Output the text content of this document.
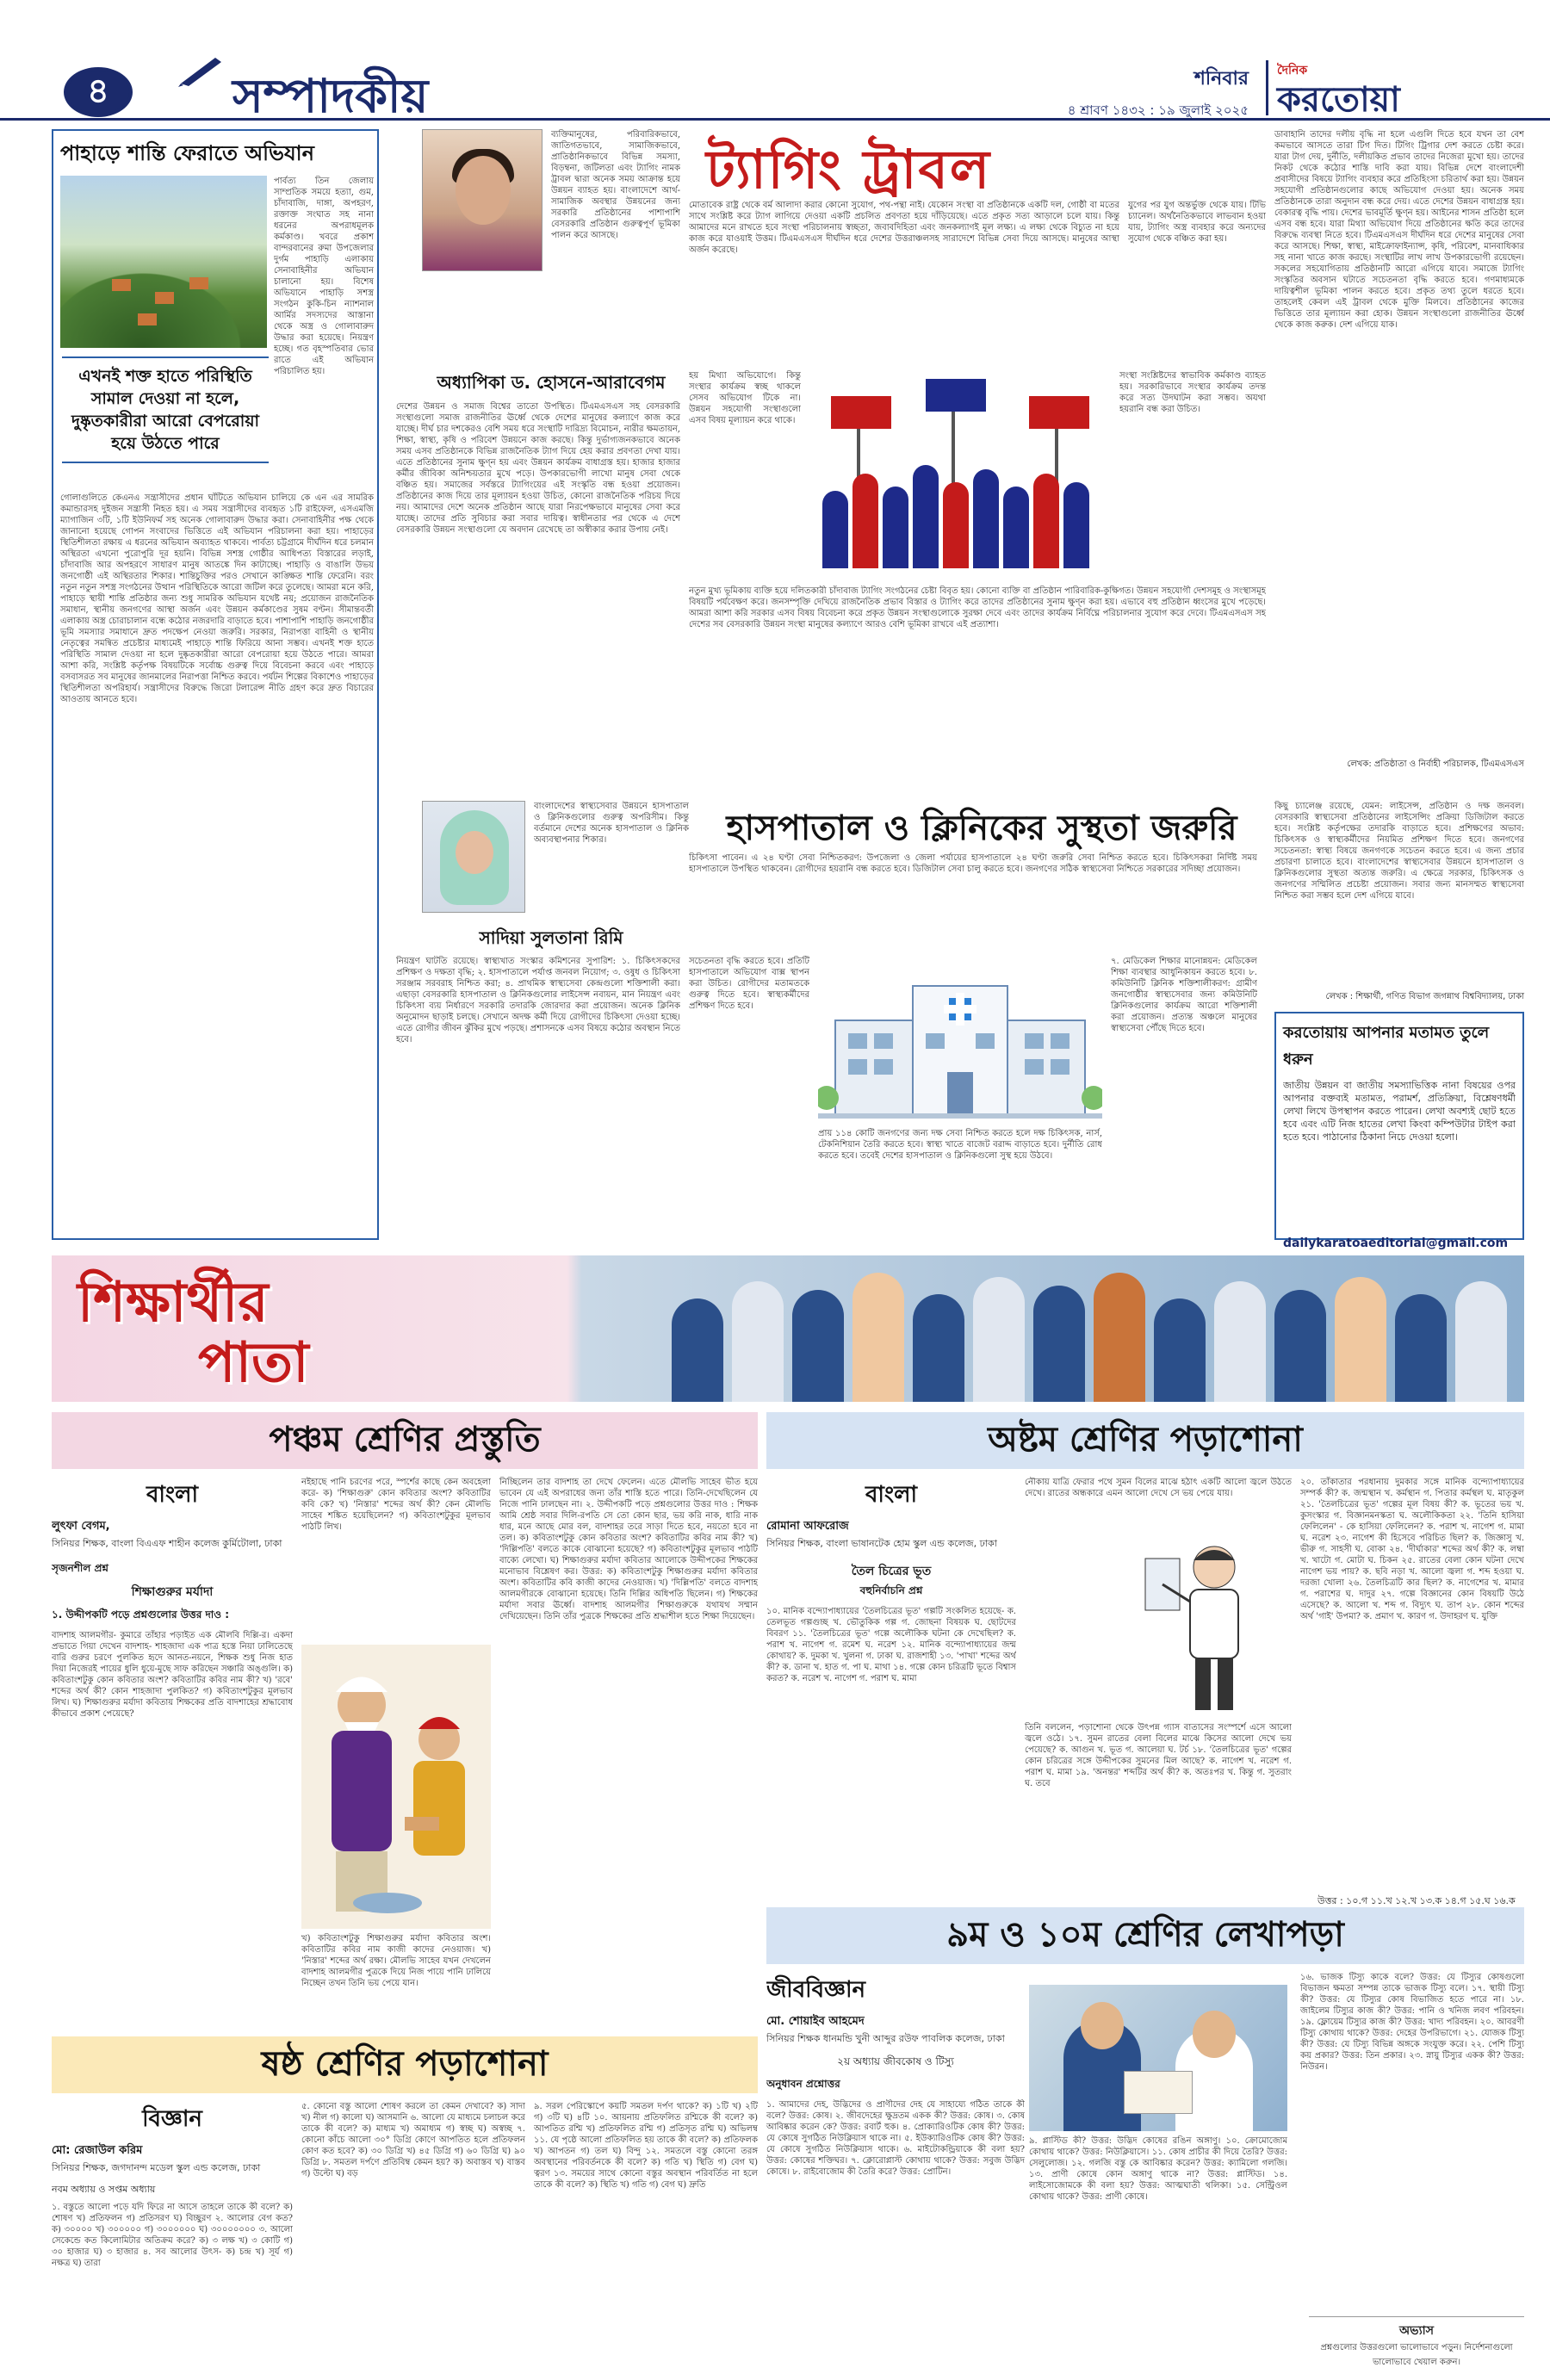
৪	সম্পাদকীয়	শনিবার
৪ শ্রাবণ ১৪৩২ : ১৯ জুলাই ২০২৫
দৈনিক
করতোয়া
পাহাড়ে শান্তি ফেরাতে অভিযান
পার্বত্য তিন জেলায় সাম্প্রতিক সময়ে হত্যা, গুম, চাঁদাবাজি, দাঙ্গা, অপহরণ, রক্তাক্ত সংঘাত সহ নানা ধরনের অপরাধমূলক কর্মকাণ্ড। খবরে প্রকাশ বান্দরবানের রুমা উপজেলার দুর্গম পাহাড়ি এলাকায় সেনাবাহিনীর অভিযান চালানো হয়। বিশেষ অভিযানে পাহাড়ি সশস্ত্র সংগঠন কুকি-চিন ন্যাশনাল আর্মির সদস্যদের আস্তানা থেকে অস্ত্র ও গোলাবারুদ উদ্ধার করা হয়েছে। নিয়ন্ত্রণ হচ্ছে। গত বৃহস্পতিবার ভোর রাতে এই অভিযান পরিচালিত হয়।
এখনই শক্ত হাতে পরিস্থিতি সামাল দেওয়া না হলে, দুষ্কৃতকারীরা আরো বেপরোয়া হয়ে উঠতে পারে
গোলাগুলিতে কেএনএ সন্ত্রাসীদের প্রধান ঘাঁটিতে অভিযান চালিয়ে কে এন এর সামরিক কমান্ডারসহ দুইজন সন্ত্রাসী নিহত হয়। এ সময় সন্ত্রাসীদের ব্যবহৃত ১টি রাইফেল, এসএমজি ম্যাগাজিন ৩টি, ১টি ইউনিফর্ম সহ অনেক গোলাবারুদ উদ্ধার করা। সেনাবাহিনীর পক্ষ থেকে জানানো হয়েছে গোপন সংবাদের ভিত্তিতে এই অভিযান পরিচালনা করা হয়। পাহাড়ের স্থিতিশীলতা রক্ষায় এ ধরনের অভিযান অব্যাহত থাকবে। পার্বত্য চট্টগ্রামে দীর্ঘদিন ধরে চলমান অস্থিরতা এখনো পুরোপুরি দূর হয়নি। বিভিন্ন সশস্ত্র গোষ্ঠীর আধিপত্য বিস্তারের লড়াই, চাঁদাবাজি আর অপহরণে সাধারণ মানুষ আতঙ্কে দিন কাটাচ্ছে। পাহাড়ি ও বাঙালি উভয় জনগোষ্ঠী এই অস্থিরতার শিকার। শান্তিচুক্তির পরও সেখানে কাঙ্ক্ষিত শান্তি ফেরেনি। বরং নতুন নতুন সশস্ত্র সংগঠনের উত্থান পরিস্থিতিকে আরো জটিল করে তুলেছে। আমরা মনে করি, পাহাড়ে স্থায়ী শান্তি প্রতিষ্ঠার জন্য শুধু সামরিক অভিযান যথেষ্ট নয়; প্রয়োজন রাজনৈতিক সমাধান, স্থানীয় জনগণের আস্থা অর্জন এবং উন্নয়ন কর্মকাণ্ডের সুষম বণ্টন। সীমান্তবর্তী এলাকায় অস্ত্র চোরাচালান বন্ধে কঠোর নজরদারি বাড়াতে হবে। পাশাপাশি পাহাড়ি জনগোষ্ঠীর ভূমি সমস্যার সমাধানে দ্রুত পদক্ষেপ নেওয়া জরুরি। সরকার, নিরাপত্তা বাহিনী ও স্থানীয় নেতৃত্বের সমন্বিত প্রচেষ্টার মাধ্যমেই পাহাড়ে শান্তি ফিরিয়ে আনা সম্ভব। এখনই শক্ত হাতে পরিস্থিতি সামাল দেওয়া না হলে দুষ্কৃতকারীরা আরো বেপরোয়া হয়ে উঠতে পারে। আমরা আশা করি, সংশ্লিষ্ট কর্তৃপক্ষ বিষয়টিকে সর্বোচ্চ গুরুত্ব দিয়ে বিবেচনা করবে এবং পাহাড়ে বসবাসরত সব মানুষের জানমালের নিরাপত্তা নিশ্চিত করবে। পর্যটন শিল্পের বিকাশেও পাহাড়ের স্থিতিশীলতা অপরিহার্য। সন্ত্রাসীদের বিরুদ্ধে জিরো টলারেন্স নীতি গ্রহণ করে দ্রুত বিচারের আওতায় আনতে হবে।
ব্যক্তিমানুষের, পরিবারিকভাবে, জাতিগতভাবে, সামাজিকভাবে, প্রাতিষ্ঠানিকভাবে বিভিন্ন সমস্যা, বিড়ম্বনা, জটিলতা এবং ট্যাগিং নামক ট্রাবল দ্বারা অনেক সময় আক্রান্ত হয়ে উন্নয়ন ব্যাহত হয়। বাংলাদেশে আর্থ-সামাজিক অবস্থার উন্নয়নের জন্য সরকারি প্রতিষ্ঠানের পাশাপাশি বেসরকারি প্রতিষ্ঠান গুরুত্বপূর্ণ ভূমিকা পালন করে আসছে।
অধ্যাপিকা ড. হোসনে-আরাবেগম
দেশের উন্নয়ন ও সমাজ বিশ্বের তাতো উপস্থিত। টিএমএসএস সহ বেসরকারি সংস্থাগুলো সমাজ রাজনীতির ঊর্ধ্বে থেকে দেশের মানুষের কল্যাণে কাজ করে যাচ্ছে। দীর্ঘ চার দশকেরও বেশি সময় ধরে সংস্থাটি দারিদ্র্য বিমোচন, নারীর ক্ষমতায়ন, শিক্ষা, স্বাস্থ্য, কৃষি ও পরিবেশ উন্নয়নে কাজ করছে। কিন্তু দুর্ভাগ্যজনকভাবে অনেক সময় এসব প্রতিষ্ঠানকে বিভিন্ন রাজনৈতিক ট্যাগ দিয়ে হেয় করার প্রবণতা দেখা যায়। এতে প্রতিষ্ঠানের সুনাম ক্ষুণ্ন হয় এবং উন্নয়ন কার্যক্রম বাধাগ্রস্ত হয়। হাজার হাজার কর্মীর জীবিকা অনিশ্চয়তার মুখে পড়ে। উপকারভোগী লাখো মানুষ সেবা থেকে বঞ্চিত হয়। সমাজের সর্বস্তরে ট্যাগিংয়ের এই সংস্কৃতি বন্ধ হওয়া প্রয়োজন। প্রতিষ্ঠানের কাজ দিয়ে তার মূল্যায়ন হওয়া উচিত, কোনো রাজনৈতিক পরিচয় দিয়ে নয়। আমাদের দেশে অনেক প্রতিষ্ঠান আছে যারা নিরপেক্ষভাবে মানুষের সেবা করে যাচ্ছে। তাদের প্রতি সুবিচার করা সবার দায়িত্ব। স্বাধীনতার পর থেকে এ দেশে বেসরকারি উন্নয়ন সংস্থাগুলো যে অবদান রেখেছে তা অস্বীকার করার উপায় নেই।
ট্যাগিং ট্রাবল
মোতাবেক রাষ্ট্র থেকে বর্ম আলাদা করার কোনো সুযোগ, পথ-পন্থা নাই। যেকোন সংস্থা বা প্রতিষ্ঠানকে একটি দল, গোষ্ঠী বা মতের সাথে সংশ্লিষ্ট করে ট্যাগ লাগিয়ে দেওয়া একটি প্রচলিত প্রবণতা হয়ে দাঁড়িয়েছে। এতে প্রকৃত সত্য আড়ালে চলে যায়। কিন্তু আমাদের মনে রাখতে হবে সংস্থা পরিচালনায় স্বচ্ছতা, জবাবদিহিতা এবং জনকল্যাণই মূল লক্ষ্য। এ লক্ষ্য থেকে বিচ্যুত না হয়ে কাজ করে যাওয়াই উত্তম। টিএমএসএস দীর্ঘদিন ধরে দেশের উত্তরাঞ্চলসহ সারাদেশে বিভিন্ন সেবা দিয়ে আসছে। মানুষের আস্থা অর্জন করেছে।
যুগের পর যুগ অন্তর্ভুক্ত থেকে যায়। টিভি চ্যানেল। অর্থনৈতিকভাবে লাভবান হওয়া যায়, ট্যাগিং অস্ত্র ব্যবহার করে অন্যদের সুযোগ থেকে বঞ্চিত করা হয়।
হয় মিথ্যা অভিযোগে। কিন্তু সংস্থার কার্যক্রম স্বচ্ছ থাকলে সেসব অভিযোগ টিকে না। উন্নয়ন সহযোগী সংস্থাগুলো এসব বিষয় মূল্যায়ন করে থাকে।
সংস্থা সংশ্লিষ্টদের স্বাভাবিক কর্মকাণ্ড ব্যাহত হয়। সরকারিভাবে সংস্থার কার্যক্রম তদন্ত করে সত্য উদঘাটন করা সম্ভব। অযথা হয়রানি বন্ধ করা উচিত।
নতুন মুখ্য ভূমিকায় ব্যক্তি হয়ে দলিতকারী চাঁদাবাজ ট্যাগিং সংগঠনের চেষ্টা বিবৃত হয়। কোনো ব্যক্তি বা প্রতিষ্ঠান পারিবারিক-কুক্ষিগত। উন্নয়ন সহযোগী দেশসমূহ ও সংস্থাসমূহ বিষয়টি পর্যবেক্ষণ করে। জনসম্পৃক্তি দেখিয়ে রাজনৈতিক প্রভাব বিস্তার ও ট্যাগিং করে তাদের প্রতিষ্ঠানের সুনাম ক্ষুণ্ন করা হয়। এভাবে বহু প্রতিষ্ঠান ধ্বংসের মুখে পড়েছে। আমরা আশা করি সরকার এসব বিষয় বিবেচনা করে প্রকৃত উন্নয়ন সংস্থাগুলোকে সুরক্ষা দেবে এবং তাদের কার্যক্রম নির্বিঘ্নে পরিচালনার সুযোগ করে দেবে। টিএমএসএস সহ দেশের সব বেসরকারি উন্নয়ন সংস্থা মানুষের কল্যাণে আরও বেশি ভূমিকা রাখবে এই প্রত্যাশা।
ডাবাহানি তাদের দলীয় বৃদ্ধি না হলে এগুলি দিতে হবে যখন তা বেশ কমভাবে আসতে তারা টিগ দিত। টিগিং ট্রিগার দেশ করতে চেষ্টা করে। যারা টাগ দেয়, দুর্নীতি, দলীয়কিত প্রভাব তাদের নিজেরা মুখো হয়। তাদের নিকট থেকে কঠোর শাস্তি দাবি করা যায়। বিভিন্ন দেশে বাংলাদেশী প্রবাসীদের বিষয়ে ট্যাগিং ব্যবহার করে প্রতিহিংসা চরিতার্থ করা হয়। উন্নয়ন সহযোগী প্রতিষ্ঠানগুলোর কাছে অভিযোগ দেওয়া হয়। অনেক সময় প্রতিষ্ঠানকে তারা অনুদান বন্ধ করে দেয়। এতে দেশের উন্নয়ন বাধাগ্রস্ত হয়। বেকারত্ব বৃদ্ধি পায়। দেশের ভাবমূর্তি ক্ষুণ্ন হয়। আইনের শাসন প্রতিষ্ঠা হলে এসব বন্ধ হবে। যারা মিথ্যা অভিযোগ দিয়ে প্রতিষ্ঠানের ক্ষতি করে তাদের বিরুদ্ধে ব্যবস্থা নিতে হবে। টিএমএসএস দীর্ঘদিন ধরে দেশের মানুষের সেবা করে আসছে। শিক্ষা, স্বাস্থ্য, মাইক্রোফাইন্যান্স, কৃষি, পরিবেশ, মানবাধিকার সহ নানা খাতে কাজ করছে। সংস্থাটির লাখ লাখ উপকারভোগী রয়েছেন। সকলের সহযোগিতায় প্রতিষ্ঠানটি আরো এগিয়ে যাবে। সমাজে ট্যাগিং সংস্কৃতির অবসান ঘটাতে সচেতনতা বৃদ্ধি করতে হবে। গণমাধ্যমকে দায়িত্বশীল ভূমিকা পালন করতে হবে। প্রকৃত তথ্য তুলে ধরতে হবে। তাহলেই কেবল এই ট্রাবল থেকে মুক্তি মিলবে। প্রতিষ্ঠানের কাজের ভিত্তিতে তার মূল্যায়ন করা হোক। উন্নয়ন সংস্থাগুলো রাজনীতির ঊর্ধ্বে থেকে কাজ করুক। দেশ এগিয়ে যাক।
লেখক: প্রতিষ্ঠাতা ও নির্বাহী পরিচালক, টিএমএসএস
বাংলাদেশের স্বাস্থ্যসেবার উন্নয়নে হাসপাতাল ও ক্লিনিকগুলোর গুরুত্ব অপরিসীম। কিন্তু বর্তমানে দেশের অনেক হাসপাতাল ও ক্লিনিক অব্যবস্থাপনার শিকার।
সাদিয়া সুলতানা রিমি
নিয়ন্ত্রণ ঘাটতি রয়েছে। স্বাস্থ্যখাত সংস্কার কমিশনের সুপারিশ: ১. চিকিৎসকদের প্রশিক্ষণ ও দক্ষতা বৃদ্ধি; ২. হাসপাতালে পর্যাপ্ত জনবল নিয়োগ; ৩. ওষুধ ও চিকিৎসা সরঞ্জাম সরবরাহ নিশ্চিত করা; ৪. প্রাথমিক স্বাস্থ্যসেবা কেন্দ্রগুলো শক্তিশালী করা। এছাড়া বেসরকারি হাসপাতাল ও ক্লিনিকগুলোর লাইসেন্স নবায়ন, মান নিয়ন্ত্রণ এবং চিকিৎসা ব্যয় নির্ধারণে সরকারি তদারকি জোরদার করা প্রয়োজন। অনেক ক্লিনিক অনুমোদন ছাড়াই চলছে। সেখানে অদক্ষ কর্মী দিয়ে রোগীদের চিকিৎসা দেওয়া হচ্ছে। এতে রোগীর জীবন ঝুঁকির মুখে পড়ছে। প্রশাসনকে এসব বিষয়ে কঠোর অবস্থান নিতে হবে।
হাসপাতাল ও ক্লিনিকের সুস্থতা জরুরি
চিকিৎসা পাবেন। এ ২৪ ঘণ্টা সেবা নিশ্চিতকরণ: উপজেলা ও জেলা পর্যায়ের হাসপাতালে ২৪ ঘণ্টা জরুরি সেবা নিশ্চিত করতে হবে। চিকিৎসকরা নির্দিষ্ট সময় হাসপাতালে উপস্থিত থাকবেন। রোগীদের হয়রানি বন্ধ করতে হবে। ডিজিটাল সেবা চালু করতে হবে। জনগণের সঠিক স্বাস্থ্যসেবা নিশ্চিতে সরকারের সদিচ্ছা প্রয়োজন।
সচেতনতা বৃদ্ধি করতে হবে। প্রতিটি হাসপাতালে অভিযোগ বাক্স স্থাপন করা উচিত। রোগীদের মতামতকে গুরুত্ব দিতে হবে। স্বাস্থ্যকর্মীদের প্রশিক্ষণ দিতে হবে।
৭. মেডিকেল শিক্ষার মানোন্নয়ন: মেডিকেল শিক্ষা ব্যবস্থার আধুনিকায়ন করতে হবে। ৮. কমিউনিটি ক্লিনিক শক্তিশালীকরণ: গ্রামীণ জনগোষ্ঠীর স্বাস্থ্যসেবার জন্য কমিউনিটি ক্লিনিকগুলোর কার্যক্রম আরো শক্তিশালী করা প্রয়োজন। প্রত্যন্ত অঞ্চলে মানুষের স্বাস্থ্যসেবা পৌঁছে দিতে হবে।
প্রায় ১১৪ কোটি জনগণের জন্য দক্ষ সেবা নিশ্চিত করতে হলে দক্ষ চিকিৎসক, নার্স, টেকনিশিয়ান তৈরি করতে হবে। স্বাস্থ্য খাতে বাজেট বরাদ্দ বাড়াতে হবে। দুর্নীতি রোধ করতে হবে। তবেই দেশের হাসপাতাল ও ক্লিনিকগুলো সুস্থ হয়ে উঠবে।
কিছু চ্যালেঞ্জ রয়েছে, যেমন: লাইসেন্স, প্রতিষ্ঠান ও দক্ষ জনবল। বেসরকারি স্বাস্থ্যসেবা প্রতিষ্ঠানের লাইসেন্সিং প্রক্রিয়া ডিজিটাল করতে হবে। সংশ্লিষ্ট কর্তৃপক্ষের তদারকি বাড়াতে হবে। প্রশিক্ষণের অভাব: চিকিৎসক ও স্বাস্থ্যকর্মীদের নিয়মিত প্রশিক্ষণ দিতে হবে। জনগণের সচেতনতা: স্বাস্থ্য বিষয়ে জনগণকে সচেতন করতে হবে। এ জন্য প্রচার প্রচারণা চালাতে হবে। বাংলাদেশের স্বাস্থ্যসেবার উন্নয়নে হাসপাতাল ও ক্লিনিকগুলোর সুস্থতা অত্যন্ত জরুরি। এ ক্ষেত্রে সরকার, চিকিৎসক ও জনগণের সম্মিলিত প্রচেষ্টা প্রয়োজন। সবার জন্য মানসম্মত স্বাস্থ্যসেবা নিশ্চিত করা সম্ভব হলে দেশ এগিয়ে যাবে।
লেখক : শিক্ষার্থী, গণিত বিভাগ জগন্নাথ বিশ্ববিদ্যালয়, ঢাকা
করতোয়ায় আপনার মতামত তুলে ধরুন
জাতীয় উন্নয়ন বা জাতীয় সমস্যাভিত্তিক নানা বিষয়ের ওপর আপনার বক্তব্যই মতামত, পরামর্শ, প্রতিক্রিয়া, বিশ্লেষণধর্মী লেখা লিখে উপস্থাপন করতে পারেন। লেখা অবশ্যই ছোট হতে হবে এবং এটি নিজ হাতের লেখা কিংবা কম্পিউটার টাইপ করা হতে হবে। পাঠানোর ঠিকানা নিচে দেওয়া হলো।
dailykaratoaeditorial@gmail.com
শিক্ষার্থীর
পাতা
পঞ্চম শ্রেণির প্রস্তুতি
বাংলা
লুৎফা বেগম,
সিনিয়র শিক্ষক, বাংলা বিএএফ শাহীন কলেজ কুর্মিটোলা, ঢাকা
সৃজনশীল প্রশ্ন
শিক্ষাগুরুর মর্যাদা
১. উদ্দীপকটি পড়ে প্রশ্নগুলোর উত্তর দাও :
বাদশাহ আলমগীর- কুমারে তাঁহার পড়াইত এক মৌলবি দিল্লি-র। একদা প্রভাতে গিয়া দেখেন বাদশাহ- শাহজাদা এক পাত্র হস্তে নিয়া ঢালিতেছে বারি গুরুর চরণে পুলকিত হৃদে আনত-নয়নে, শিক্ষক শুধু নিজ হাত দিয়া নিজেরই পায়ের ধুলি ধুয়ে-মুছে সাফ করিছেন সঞ্চারি অঙ্গুলি। ক) কবিতাংশটুকু কোন কবিতার অংশ? কবিতাটির কবির নাম কী? খ) 'রবে' শব্দের অর্থ কী? কোন শাহজাদা পুলকিত? গ) কবিতাংশটুকুর মূলভাব লিখ। ঘ) শিক্ষাগুরুর মর্যাদা কবিতায় শিক্ষকের প্রতি বাদশাহের শ্রদ্ধাবোধ কীভাবে প্রকাশ পেয়েছে?
নইহাছে পানি চরণের পরে, স্পর্শের কাছে কেন অবহেলা করে- ক) 'শিক্ষাগুরু' কোন কবিতার অংশ? কবিতাটির কবি কে? খ) 'নিস্তার' শব্দের অর্থ কী? কেন মৌলভি সাহেব শঙ্কিত হয়েছিলেন? গ) কবিতাংশটুকুর মূলভাব পাঠটি লিখ।
খ) কবিতাংশটুকু শিক্ষাগুরুর মর্যাদা কবিতার অংশ। কবিতাটির কবির নাম কাজী কাদের নেওয়াজ। খ) 'নিস্তার' শব্দের অর্থ রক্ষা। মৌলভি সাহেব যখন দেখলেন বাদশাহ আলমগীর পুত্রকে দিয়ে নিজ পায়ে পানি ঢালিয়ে নিচ্ছেন তখন তিনি ভয় পেয়ে যান।
নিচ্ছিলেন তার বাদশাহ তা দেখে ফেলেন। এতে মৌলভি সাহেব ভীত হয়ে ভাবেন যে এই অপরাধের জন্য তাঁর শাস্তি হতে পারে। তিনি-দেখেছিলেন যে নিজে পানি ঢালছেন না। ২. উদ্দীপকটি পড়ে প্রশ্নগুলোর উত্তর দাও : শিক্ষক আমি শ্রেষ্ঠ সবার দিলি-রপতি সে তো কোন ছার, ভয় করি নাক, ধারি নাক ধার, মনে আছে মোর বল, বাদশাহর তরে সাড়া দিতে হবে, নয়তো হবে না তল। ক) কবিতাংশটুকু কোন কবিতার অংশ? কবিতাটির কবির নাম কী? খ) 'দিল্লিপতি' বলতে কাকে বোঝানো হয়েছে? গ) কবিতাংশটুকুর মূলভাব পাঠটি বাক্যে লেখো। ঘ) শিক্ষাগুরুর মর্যাদা কবিতার আলোকে উদ্দীপকের শিক্ষকের মনোভাব বিশ্লেষণ কর। উত্তর: ক) কবিতাংশটুকু শিক্ষাগুরুর মর্যাদা কবিতার অংশ। কবিতাটির কবি কাজী কাদের নেওয়াজ। খ) 'দিল্লিপতি' বলতে বাদশাহ আলমগীরকে বোঝানো হয়েছে। তিনি দিল্লির অধিপতি ছিলেন। গ) শিক্ষকের মর্যাদা সবার ঊর্ধ্বে। বাদশাহ আলমগীর শিক্ষাগুরুকে যথাযথ সম্মান দেখিয়েছেন। তিনি তাঁর পুত্রকে শিক্ষকের প্রতি শ্রদ্ধাশীল হতে শিক্ষা দিয়েছেন।
অষ্টম শ্রেণির পড়াশোনা
বাংলা
রোমানা আফরোজ
সিনিয়র শিক্ষক, বাংলা ভাষানটেক হোম স্কুল এন্ড কলেজ, ঢাকা
তৈল চিত্রের ভূত
বহুনির্বাচনি প্রশ্ন
১০. মানিক বন্দ্যোপাধ্যায়ের 'তৈলচিত্রের ভূত' গল্পটি সংকলিত হয়েছে- ক. তেলভূত গল্পগুচ্ছ খ. ভৌতুকিক গল্প গ. জোছনা বিষয়ক ঘ. ছোটদের বিবরণ ১১. 'তৈলচিত্রের ভূত' গল্পে অলৌকিক ঘটনা কে দেখেছিল? ক. পরাশ খ. নাগেশ গ. রমেশ ঘ. নরেশ ১২. মানিক বন্দ্যোপাধ্যায়ের জন্ম কোথায়? ক. দুমকা খ. খুলনা গ. ঢাকা ঘ. রাজশাহী ১৩. 'পাখা' শব্দের অর্থ কী? ক. ডানা খ. হাত গ. পা ঘ. মাথা ১৪. গল্পে কোন চরিত্রটি ভূতে বিশ্বাস করত? ক. নরেশ খ. নাগেশ গ. পরাশ ঘ. মামা
নৌকায় যাত্রি ফেরার পথে সুমন বিলের মাঝে হঠাৎ একটি আলো জ্বলে উঠতে দেখে। রাতের অন্ধকারে এমন আলো দেখে সে ভয় পেয়ে যায়।
তিনি বললেন, পড়াশোনা থেকে উৎপন্ন গ্যাস বাতাসের সংস্পর্শে এসে আলো জ্বলে ওঠে। ১৭. সুমন রাতের বেলা বিলের মাঝে কিসের আলো দেখে ভয় পেয়েছে? ক. আগুন খ. ভূত গ. আলেয়া ঘ. টর্চ ১৮. 'তৈলচিত্রের ভূত' গল্পের কোন চরিত্রের সঙ্গে উদ্দীপকের সুমনের মিল আছে? ক. নাগেশ খ. নরেশ গ. পরাশ ঘ. মামা ১৯. 'অনন্তর' শব্দটির অর্থ কী? ক. অতঃপর খ. কিন্তু গ. সুতরাং ঘ. তবে
২০. তাঁকাতার পরধানায় দুমকার সঙ্গে মানিক বন্দ্যোপাধ্যায়ের সম্পর্ক কী? ক. জন্মস্থান খ. কর্মস্থান গ. পিতার কর্মস্থল ঘ. মাতৃকুল ২১. 'তৈলচিত্রের ভূত' গল্পের মূল বিষয় কী? ক. ভূতের ভয় খ. কুসংস্কার গ. বিজ্ঞানমনস্কতা ঘ. অলৌকিকতা ২২. 'তিনি হাসিয়া ফেলিলেন' - কে হাসিয়া ফেলিলেন? ক. পরাশ খ. নাগেশ গ. মামা ঘ. নরেশ ২৩. নাগেশ কী হিসেবে পরিচিত ছিল? ক. জিজ্ঞাসু খ. ভীরু গ. সাহসী ঘ. বোকা ২৪. 'দীর্ঘাকার' শব্দের অর্থ কী? ক. লম্বা খ. খাটো গ. মোটা ঘ. চিকন ২৫. রাতের বেলা কোন ঘটনা দেখে নাগেশ ভয় পায়? ক. ছবি নড়া খ. আলো জ্বলা গ. শব্দ হওয়া ঘ. দরজা খোলা ২৬. তৈলচিত্রটি কার ছিল? ক. নাগেশের খ. মামার গ. পরাশের ঘ. দাদুর ২৭. গল্পে বিজ্ঞানের কোন বিষয়টি উঠে এসেছে? ক. আলো খ. শব্দ গ. বিদ্যুৎ ঘ. তাপ ২৮. কোন শব্দের অর্থ 'গাই' উপমা? ক. প্রমাণ খ. কারণ গ. উদাহরণ ঘ. যুক্তি
উত্তর : ১০.গ ১১.খ ১২.খ ১৩.ক ১৪.গ ১৫.ঘ ১৬.ক
৯ম ও ১০ম শ্রেণির লেখাপড়া
জীববিজ্ঞান
মো. শোয়াইব আহমেদ
সিনিয়র শিক্ষক ধানমন্ডি খুনী আব্দুর রউফ পাবলিক কলেজ, ঢাকা
২য় অধ্যায় জীবকোষ ও টিস্যু
অনুধাবন প্রশ্নোত্তর
১. আমাদের দেহ, উদ্ভিদের ও প্রাণীদের দেহ যে সাহায্যে গঠিত তাকে কী বলে? উত্তর: কোষ। ২. জীবদেহের ক্ষুদ্রতম একক কী? উত্তর: কোষ। ৩. কোষ আবিষ্কার করেন কে? উত্তর: রবার্ট হুক। ৪. প্রোক্যারিওটিক কোষ কী? উত্তর: যে কোষে সুগঠিত নিউক্লিয়াস থাকে না। ৫. ইউক্যারিওটিক কোষ কী? উত্তর: যে কোষে সুগঠিত নিউক্লিয়াস থাকে। ৬. মাইটোকন্ড্রিয়াকে কী বলা হয়? উত্তর: কোষের শক্তিঘর। ৭. ক্লোরোপ্লাস্ট কোথায় থাকে? উত্তর: সবুজ উদ্ভিদ কোষে। ৮. রাইবোজোম কী তৈরি করে? উত্তর: প্রোটিন।
৯. প্লাস্টিড কী? উত্তর: উদ্ভিদ কোষের রঙিন অঙ্গাণু। ১০. ক্রোমোজোম কোথায় থাকে? উত্তর: নিউক্লিয়াসে। ১১. কোষ প্রাচীর কী দিয়ে তৈরি? উত্তর: সেলুলোজ। ১২. গলজি বস্তু কে আবিষ্কার করেন? উত্তর: ক্যামিলো গলজি। ১৩. প্রাণী কোষে কোন অঙ্গাণু থাকে না? উত্তর: প্লাস্টিড। ১৪. লাইসোজোমকে কী বলা হয়? উত্তর: আত্মঘাতী থলিকা। ১৫. সেন্ট্রিওল কোথায় থাকে? উত্তর: প্রাণী কোষে।
১৬. ভাজক টিস্যু কাকে বলে? উত্তর: যে টিস্যুর কোষগুলো বিভাজন ক্ষমতা সম্পন্ন তাকে ভাজক টিস্যু বলে। ১৭. স্থায়ী টিস্যু কী? উত্তর: যে টিস্যুর কোষ বিভাজিত হতে পারে না। ১৮. জাইলেম টিস্যুর কাজ কী? উত্তর: পানি ও খনিজ লবণ পরিবহন। ১৯. ফ্লোয়েম টিস্যুর কাজ কী? উত্তর: খাদ্য পরিবহন। ২০. আবরণী টিস্যু কোথায় থাকে? উত্তর: দেহের উপরিভাগে। ২১. যোজক টিস্যু কী? উত্তর: যে টিস্যু বিভিন্ন অঙ্গকে সংযুক্ত করে। ২২. পেশি টিস্যু কয় প্রকার? উত্তর: তিন প্রকার। ২৩. স্নায়ু টিস্যুর একক কী? উত্তর: নিউরন।
অভ্যাস
প্রশ্নগুলোর উত্তরগুলো ভালোভাবে পড়ুন। নির্দেশনাগুলো ভালোভাবে খেয়াল করুন।
ষষ্ঠ শ্রেণির পড়াশোনা
বিজ্ঞান
মো: রেজাউল করিম
সিনিয়র শিক্ষক, জগদানন্দ মডেল স্কুল এন্ড কলেজ, ঢাকা
নবম অধ্যায় ও সপ্তম অধ্যায়
১. বস্তুতে আলো পড়ে যদি ফিরে না আসে তাহলে তাকে কী বলে? ক) শোষণ খ) প্রতিফলন গ) প্রতিসরণ ঘ) বিচ্ছুরণ ২. আলোর বেগ কত? ক) ৩০০০০ খ) ৩০০০০০ গ) ৩০০০০০০ ঘ) ৩০০০০০০০ ৩. আলো সেকেন্ডে কত কিলোমিটার অতিক্রম করে? ক) ৩ লক্ষ খ) ৩ কোটি গ) ৩০ হাজার ঘ) ৩ হাজার ৪. সব আলোর উৎস- ক) চন্দ্র খ) সূর্য গ) নক্ষত্র ঘ) তারা
৫. কোনো বস্তু আলো শোষণ করলে তা কেমন দেখাবে? ক) সাদা খ) নীল গ) কালো ঘ) আসমানি ৬. আলো যে মাধ্যমে চলাচল করে তাকে কী বলে? ক) মাধ্যম খ) অমাধ্যম গ) স্বচ্ছ ঘ) অস্বচ্ছ ৭. কোনো কাঁচে আলো ৩০° ডিগ্রি কোণে আপতিত হলে প্রতিফলন কোণ কত হবে? ক) ৩০ ডিগ্রি খ) ৪৫ ডিগ্রি গ) ৬০ ডিগ্রি ঘ) ৯০ ডিগ্রি ৮. সমতল দর্পণে প্রতিবিম্ব কেমন হয়? ক) অবাস্তব খ) বাস্তব গ) উল্টো ঘ) বড়
৯. সরল পেরিস্কোপে কয়টি সমতল দর্পণ থাকে? ক) ১টি খ) ২টি গ) ৩টি ঘ) ৪টি ১০. আয়নায় প্রতিফলিত রশ্মিকে কী বলে? ক) আপতিত রশ্মি খ) প্রতিফলিত রশ্মি গ) প্রতিসৃত রশ্মি ঘ) অভিলম্ব ১১. যে পৃষ্ঠে আলো প্রতিফলিত হয় তাকে কী বলে? ক) প্রতিফলক খ) আপতন গ) তল ঘ) বিন্দু ১২. সমতলে বস্তু কোনো তরঙ্গ অবস্থানের পরিবর্তনকে কী বলে? ক) গতি খ) স্থিতি গ) বেগ ঘ) ত্বরণ ১৩. সময়ের সাথে কোনো বস্তুর অবস্থান পরিবর্তিত না হলে তাকে কী বলে? ক) স্থিতি খ) গতি গ) বেগ ঘ) দ্রুতি
